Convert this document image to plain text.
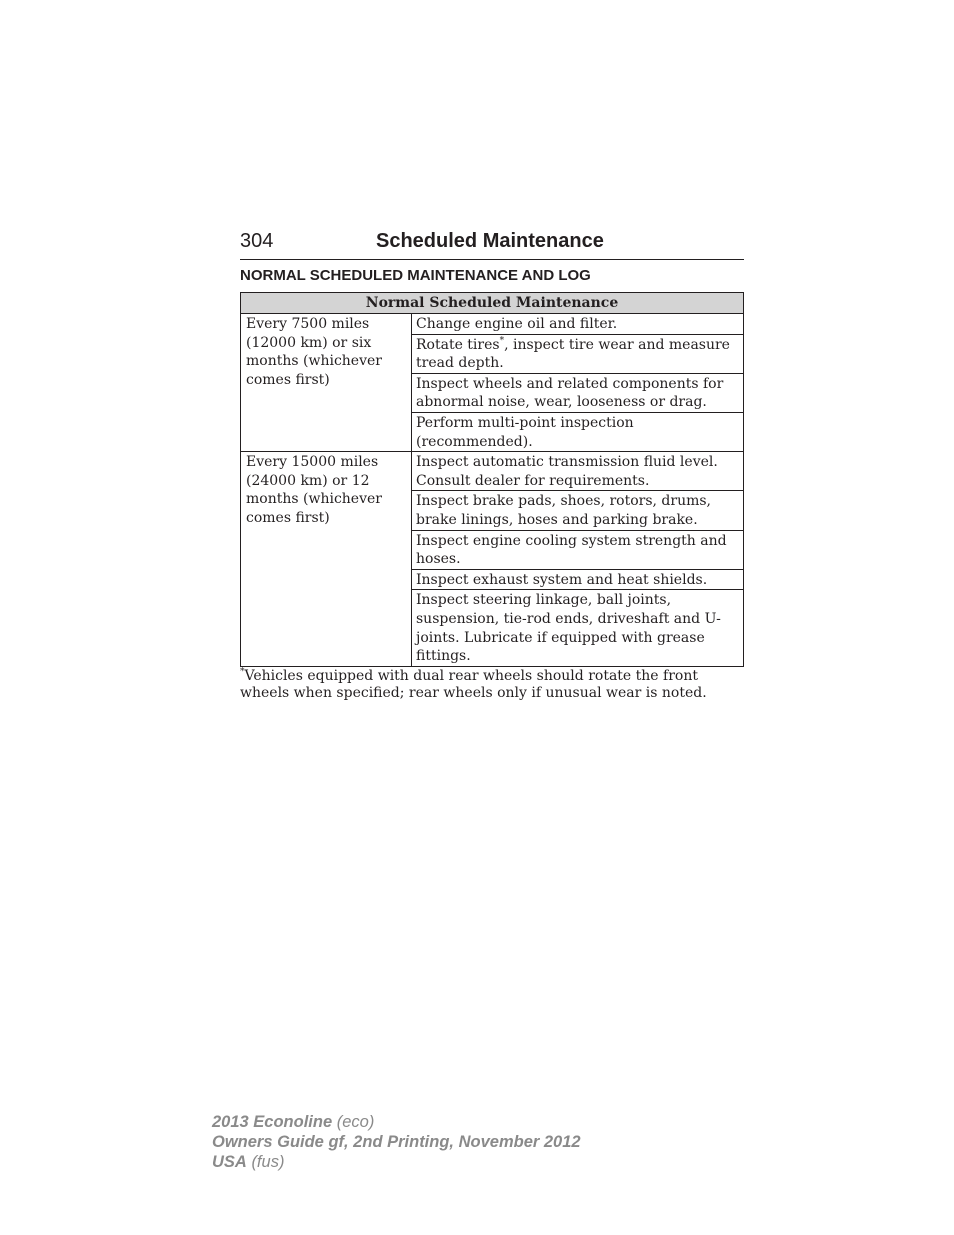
304	Scheduled Maintenance
NORMAL SCHEDULED MAINTENANCE AND LOG
Normal Scheduled Maintenance	
Every 7500 miles (12000 km) or six months (whichever comes first)	Change engine oil and filter.
	Rotate tires*, inspect tire wear and measure tread depth.
	Inspect wheels and related components for abnormal noise, wear, looseness or drag.
	Perform multi-point inspection (recommended).
Every 15000 miles (24000 km) or 12 months (whichever comes first)	Inspect automatic transmission fluid level. Consult dealer for requirements.
	Inspect brake pads, shoes, rotors, drums, brake linings, hoses and parking brake.
	Inspect engine cooling system strength and hoses.
	Inspect exhaust system and heat shields.
	Inspect steering linkage, ball joints, suspension, tie-rod ends, driveshaft and U-joints. Lubricate if equipped with grease fittings.
*Vehicles equipped with dual rear wheels should rotate the front wheels when specified; rear wheels only if unusual wear is noted.
2013 Econoline (eco)
Owners Guide gf, 2nd Printing, November 2012
USA (fus)
